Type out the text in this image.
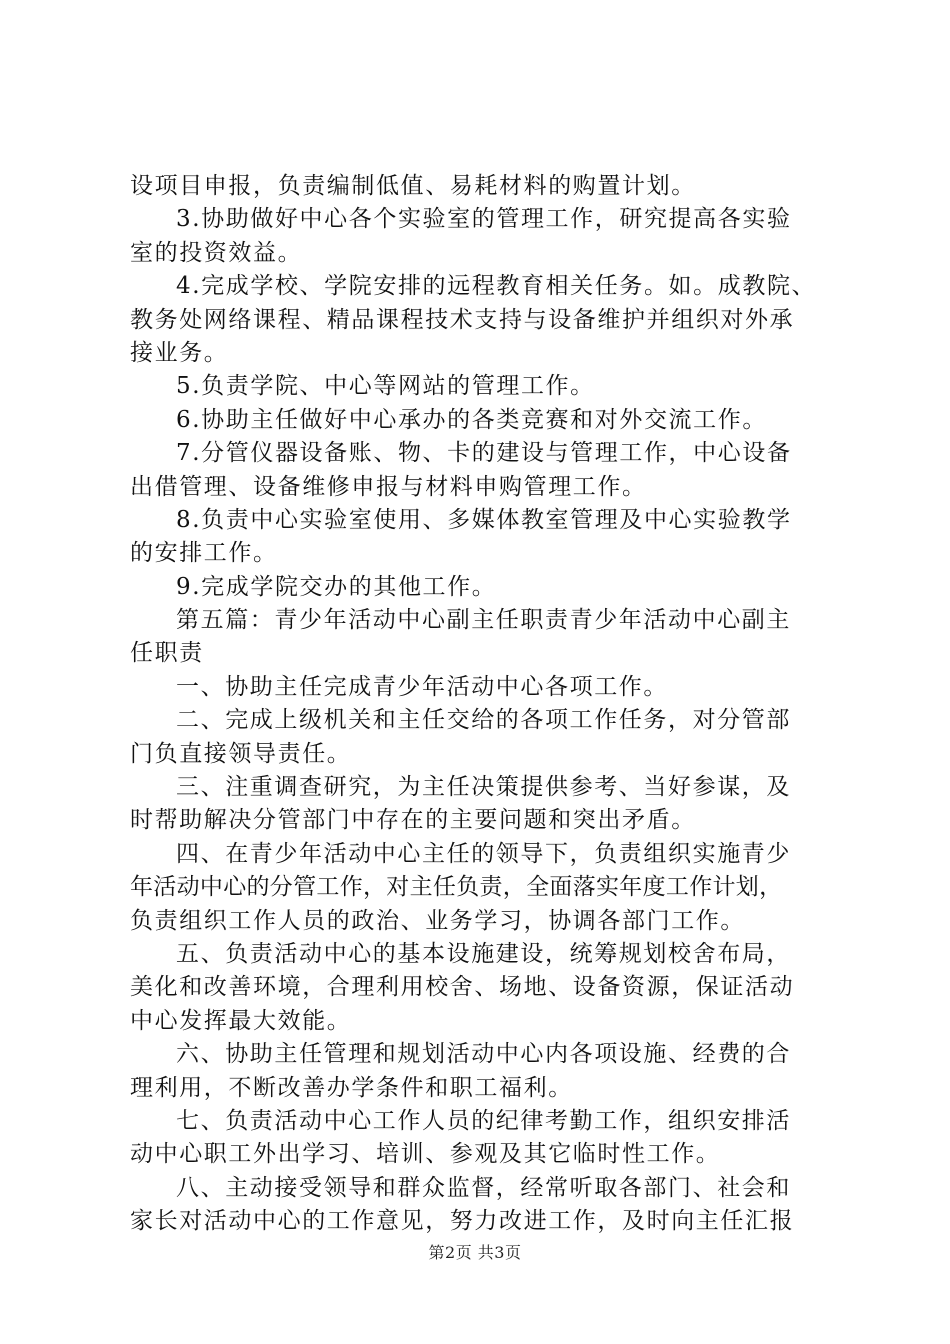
设项目申报，负责编制低值、易耗材料的购置计划。
3.协助做好中心各个实验室的管理工作，研究提高各实验
室的投资效益。
4.完成学校、学院安排的远程教育相关任务。如。成教院、
教务处网络课程、精品课程技术支持与设备维护并组织对外承
接业务。
5.负责学院、中心等网站的管理工作。
6.协助主任做好中心承办的各类竞赛和对外交流工作。
7.分管仪器设备账、物、卡的建设与管理工作，中心设备
出借管理、设备维修申报与材料申购管理工作。
8.负责中心实验室使用、多媒体教室管理及中心实验教学
的安排工作。
9.完成学院交办的其他工作。
第五篇：青少年活动中心副主任职责青少年活动中心副主
任职责
一、协助主任完成青少年活动中心各项工作。
二、完成上级机关和主任交给的各项工作任务，对分管部
门负直接领导责任。
三、注重调查研究，为主任决策提供参考、当好参谋，及
时帮助解决分管部门中存在的主要问题和突出矛盾。
四、在青少年活动中心主任的领导下，负责组织实施青少
年活动中心的分管工作，对主任负责，全面落实年度工作计划，
负责组织工作人员的政治、业务学习，协调各部门工作。
五、负责活动中心的基本设施建设，统筹规划校舍布局，
美化和改善环境，合理利用校舍、场地、设备资源，保证活动
中心发挥最大效能。
六、协助主任管理和规划活动中心内各项设施、经费的合
理利用，不断改善办学条件和职工福利。
七、负责活动中心工作人员的纪律考勤工作，组织安排活
动中心职工外出学习、培训、参观及其它临时性工作。
八、主动接受领导和群众监督，经常听取各部门、社会和
家长对活动中心的工作意见，努力改进工作，及时向主任汇报
第2页 共3页
